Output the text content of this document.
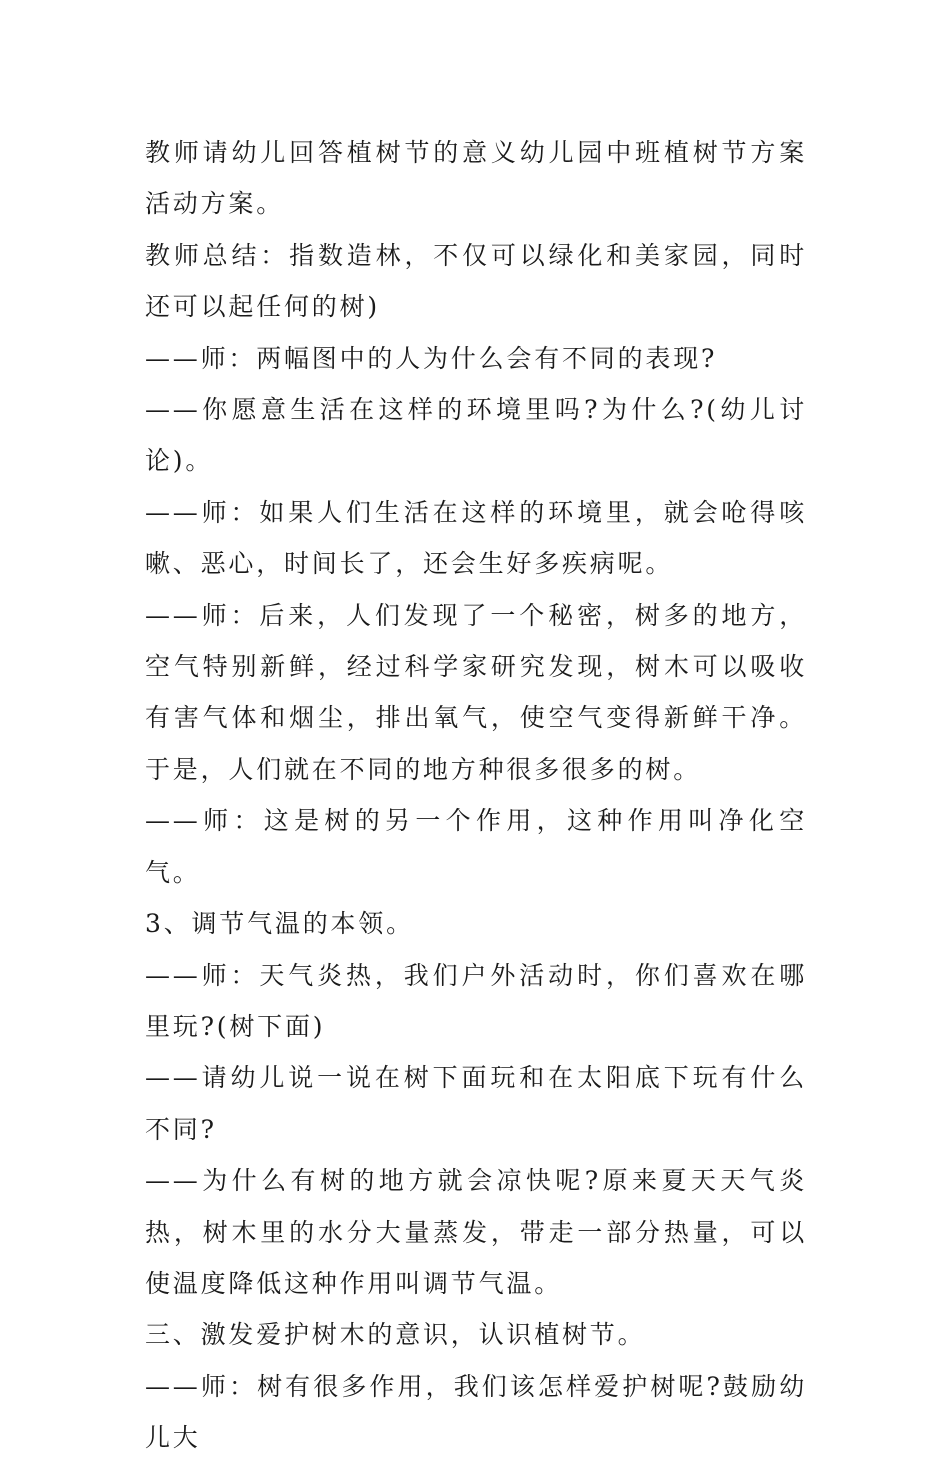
教师请幼儿回答植树节的意义幼儿园中班植树节方案活动方案。

教师总结：指数造林，不仅可以绿化和美家园，同时还可以起任何的树)

——师：两幅图中的人为什么会有不同的表现?

——你愿意生活在这样的环境里吗?为什么?(幼儿讨论)。

——师：如果人们生活在这样的环境里，就会呛得咳嗽、恶心，时间长了，还会生好多疾病呢。

——师：后来，人们发现了一个秘密，树多的地方，空气特别新鲜，经过科学家研究发现，树木可以吸收有害气体和烟尘，排出氧气，使空气变得新鲜干净。于是，人们就在不同的地方种很多很多的树。

——师：这是树的另一个作用，这种作用叫净化空气。

3、调节气温的本领。

——师：天气炎热，我们户外活动时，你们喜欢在哪里玩?(树下面)

——请幼儿说一说在树下面玩和在太阳底下玩有什么不同?

——为什么有树的地方就会凉快呢?原来夏天天气炎热，树木里的水分大量蒸发，带走一部分热量，可以使温度降低这种作用叫调节气温。

三、激发爱护树木的意识，认识植树节。

——师：树有很多作用，我们该怎样爱护树呢?鼓励幼儿大
